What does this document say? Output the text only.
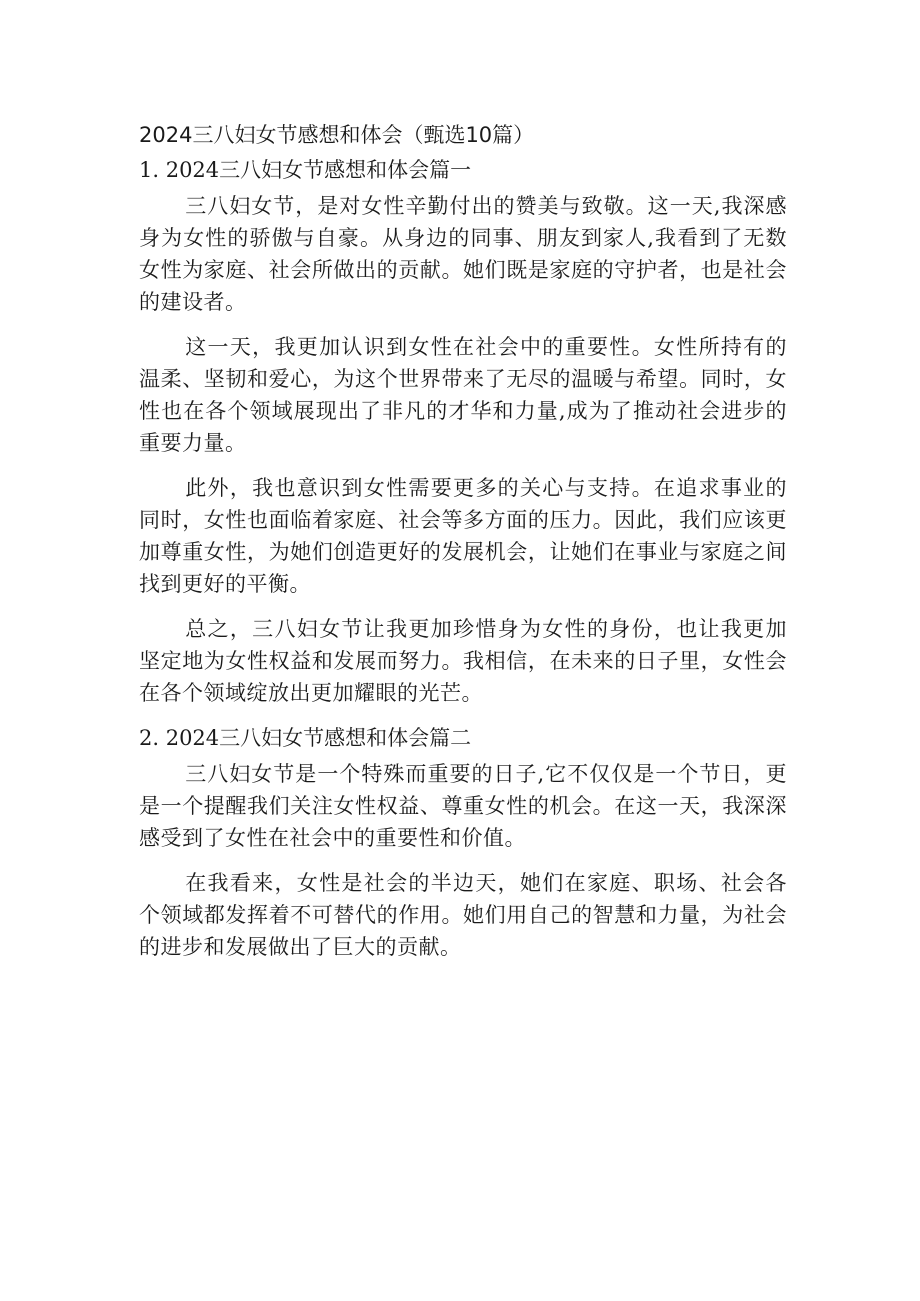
2024三八妇女节感想和体会（甄选10篇）
1. 2024三八妇女节感想和体会篇一

三八妇女节，是对女性辛勤付出的赞美与致敬。这一天,我深感身为女性的骄傲与自豪。从身边的同事、朋友到家人,我看到了无数女性为家庭、社会所做出的贡献。她们既是家庭的守护者，也是社会的建设者。

这一天，我更加认识到女性在社会中的重要性。女性所持有的温柔、坚韧和爱心，为这个世界带来了无尽的温暖与希望。同时，女性也在各个领域展现出了非凡的才华和力量,成为了推动社会进步的重要力量。

此外，我也意识到女性需要更多的关心与支持。在追求事业的同时，女性也面临着家庭、社会等多方面的压力。因此，我们应该更加尊重女性，为她们创造更好的发展机会，让她们在事业与家庭之间找到更好的平衡。

总之，三八妇女节让我更加珍惜身为女性的身份，也让我更加坚定地为女性权益和发展而努力。我相信，在未来的日子里，女性会在各个领域绽放出更加耀眼的光芒。

2. 2024三八妇女节感想和体会篇二

三八妇女节是一个特殊而重要的日子,它不仅仅是一个节日，更是一个提醒我们关注女性权益、尊重女性的机会。在这一天，我深深感受到了女性在社会中的重要性和价值。

在我看来，女性是社会的半边天，她们在家庭、职场、社会各个领域都发挥着不可替代的作用。她们用自己的智慧和力量，为社会的进步和发展做出了巨大的贡献。
